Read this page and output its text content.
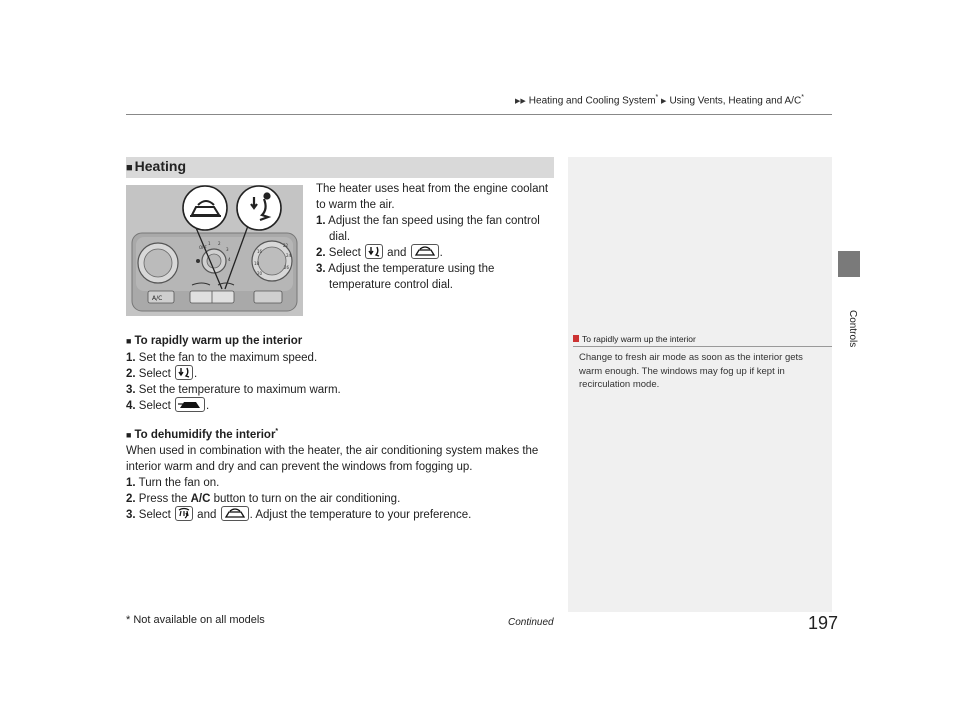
▶▶ Heating and Cooling System* ▶ Using Vents, Heating and A/C*
Controls
■ Heating
OFF
1 2
3
4
16
18
20
22
24
26
A/C
The heater uses heat from the engine coolant
to warm the air.
1. Adjust the fan speed using the fan control
dial.
2. Select and	.
3. Adjust the temperature using the
temperature control dial.
■ To rapidly warm up the interior
1. Set the fan to the maximum speed.
2. Select .
3. Set the temperature to maximum warm.
4. Select	.
■ To dehumidify the interior*
When used in combination with the heater, the air conditioning system makes the
interior warm and dry and can prevent the windows from fogging up.
1. Turn the fan on.
2. Press the A/C button to turn on the air conditioning.
3. Select and	. Adjust the temperature to your preference.
To rapidly warm up the interior
Change to fresh air mode as soon as the interior gets
warm enough. The windows may fog up if kept in
recirculation mode.
* Not available on all models	Continued	197
